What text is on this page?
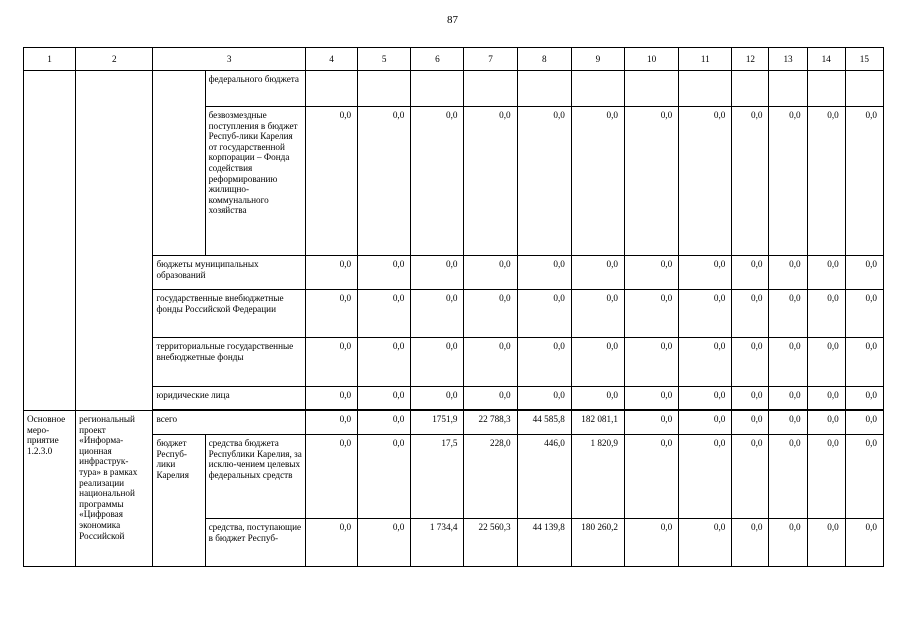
87
1	2	3		4	5	6	7	8	9	10	11	12	13	14	15
			федерального бюджета												
			безвозмездные поступления в бюджет Респуб-лики Карелия от государственной корпорации – Фонда содействия реформированию жилищно-коммунального хозяйства	0,0	0,0	0,0	0,0	0,0	0,0	0,0	0,0	0,0	0,0	0,0	0,0
		бюджеты муниципальных образований		0,0	0,0	0,0	0,0	0,0	0,0	0,0	0,0	0,0	0,0	0,0	0,0
		государственные внебюджетные фонды Российской Федерации		0,0	0,0	0,0	0,0	0,0	0,0	0,0	0,0	0,0	0,0	0,0	0,0
		территориальные государственные внебюджетные фонды		0,0	0,0	0,0	0,0	0,0	0,0	0,0	0,0	0,0	0,0	0,0	0,0
		юридические лица		0,0	0,0	0,0	0,0	0,0	0,0	0,0	0,0	0,0	0,0	0,0	0,0

Основное меро-приятие 1.2.3.0	региональный проект «Информа-ционная инфраструк-тура» в рамках реализации национальной программы «Цифровая экономика Российской	всего		0,0	0,0	1751,9	22 788,3	44 585,8	182 081,1	0,0	0,0	0,0	0,0	0,0	0,0
		бюджет Респуб-лики Карелия	средства бюджета Республики Карелия, за исклю-чением целевых федеральных средств	0,0	0,0	17,5	228,0	446,0	1 820,9	0,0	0,0	0,0	0,0	0,0	0,0
			средства, поступающие в бюджет Респуб-	0,0	0,0	1 734,4	22 560,3	44 139,8	180 260,2	0,0	0,0	0,0	0,0	0,0	0,0
